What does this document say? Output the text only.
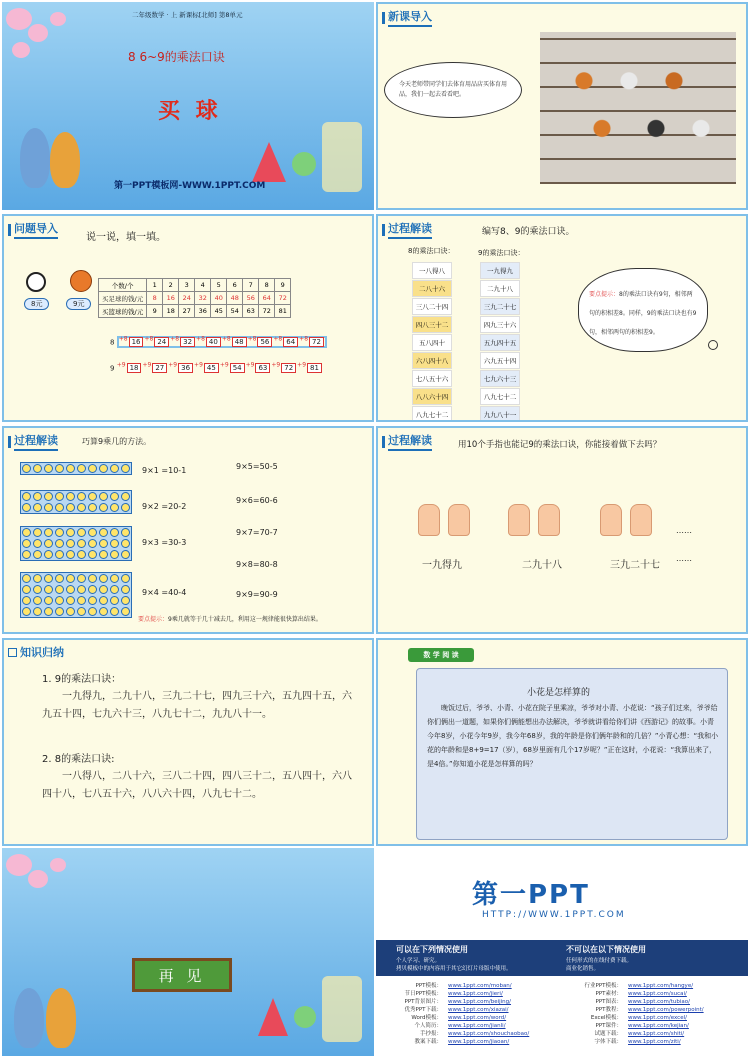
二年级数学 · 上 新课标[北师] 第8单元
8 6~9的乘法口诀
买 球
第一PPT模板网-WWW.1PPT.COM
新课导入
今天老师带同学们去体育用品店买体育用品，我们一起去看看吧。
问题导入
说一说，填一填。
8元	9元
个数/个	1	2	3	4	5	6	7	8	9
买足球的钱/元	8	16	24	32	40	48	56	64	72
买篮球的钱/元	9	18	27	36	45	54	63	72	81
8 $^{+8}$ 16 $^{+8}$ 24 $^{+8}$ 32 $^{+8}$ 40 $^{+8}$ 48 $^{+8}$ 56 $^{+8}$ 64 $^{+8}$ 72
9 $^{+9}$ 18 $^{+9}$ 27 $^{+9}$ 36 $^{+9}$ 45 $^{+9}$ 54 $^{+9}$ 63 $^{+9}$ 72 $^{+9}$ 81
过程解读	编写8、9的乘法口诀。
8的乘法口诀：	9的乘法口诀：
一八得八
二八十六
三八二十四
四八三十二
五八四十
六八四十八
七八五十六
八八六十四
八九七十二
一九得九
二九十八
三九二十七
四九三十六
五九四十五
六九五十四
七九六十三
八九七十二
九九八十一
要点提示：8的乘法口诀有9句，相邻两句的积相差8。同样，9的乘法口诀也有9句，相邻两句的积相差9。
过程解读	巧算9乘几的方法。
9×1 =10-1
9×2 =20-2
9×3 =30-3
9×4 =40-4
9×5=50-5
9×6=60-6
9×7=70-7
9×8=80-8
9×9=90-9
要点提示：9乘几就等于几十减去几，利用这一规律能很快算出结果。
过程解读	用10个手指也能记9的乘法口诀，你能接着做下去吗？
……
……
一九得九	二九十八	三九二十七
知识归纳
1. 9的乘法口诀：
一九得九，二九十八，三九二十七，四九三十六，五九四十五，六九五十四，七九六十三，八九七十二，九九八十一。
2. 8的乘法口诀:
一八得八，二八十六，三八二十四，四八三十二，五八四十，六八四十八，七八五十六，八八六十四，八九七十二。
数 学 阅 读
小花是怎样算的
晚饭过后，爷爷、小青、小花在院子里乘凉，爷爷对小青、小花说：“孩子们过来，爷爷给你们俩出一道题，如果你们俩能想出办法解决，爷爷就讲看给你们讲《西游记》的故事。小青今年8岁，小花今年9岁，我今年68岁，我的年龄是你们俩年龄和的几倍？”小青心想：“我和小花的年龄和是8+9=17（岁），68岁里面有几个17岁呢？”正在这时，小花说：“我算出来了，是4倍。”你知道小花是怎样算的吗？
再 见
第一PPT
HTTP://WWW.1PPT.COM
可以在下列情况使用
个人学习、研究。
拷贝模板中的内容用于其它幻灯片母版中使用。
不可以在以下情况使用
任何形式的在线付费下载。
商业化销售。
PPT模板： www.1ppt.com/moban/
节日PPT模板： www.1ppt.com/jieri/
PPT背景图片： www.1ppt.com/beijing/
优秀PPT下载： www.1ppt.com/xiazai/
Word模板： www.1ppt.com/word/
个人简历： www.1ppt.com/jianli/
手抄报： www.1ppt.com/shouchaobao/
教案下载： www.1ppt.com/jiaoan/
行业PPT模板： www.1ppt.com/hangye/
PPT素材： www.1ppt.com/sucai/
PPT图表： www.1ppt.com/tubiao/
PPT教程： www.1ppt.com/powerpoint/
Excel模板： www.1ppt.com/excel/
PPT课件： www.1ppt.com/kejian/
试题下载： www.1ppt.com/shiti/
字体下载： www.1ppt.com/ziti/
